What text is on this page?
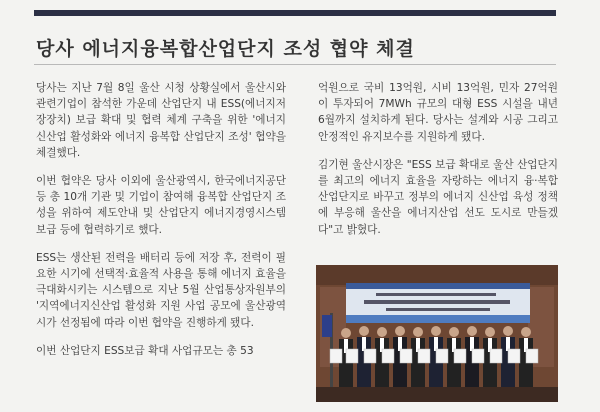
당사 에너지융복합산업단지 조성 협약 체결

당사는 지난 7월 8일 울산 시청 상황실에서 울산시와 관련기업이 참석한 가운데 산업단지 내 ESS(에너지저장장치) 보급 확대 및 협력 체계 구축을 위한 '에너지 신산업 활성화와 에너지 융복합 산업단지 조성' 협약을 체결했다.

이번 협약은 당사 이외에 울산광역시, 한국에너지공단 등 총 10개 기관 및 기업이 참여해 융복합 산업단지 조성을 위하여 제도안내 및 산업단지 에너지경영시스템 보급 등에 협력하기로 했다.

ESS는 생산된 전력을 배터리 등에 저장 후, 전력이 필요한 시기에 선택적·효율적 사용을 통해 에너지 효율을 극대화시키는 시스템으로 지난 5월 산업통상자원부의 '지역에너지신산업 활성화 지원 사업 공모에 울산광역시가 선정됨에 따라 이번 협약을 진행하게 됐다.

이번 산업단지 ESS보급 확대 사업규모는 총 53

억원으로 국비 13억원, 시비 13억원, 민자 27억원이 투자되어 7MWh 규모의 대형 ESS 시설을 내년 6월까지 설치하게 된다. 당사는 설계와 시공 그리고 안정적인 유지보수를 지원하게 됐다.

김기현 울산시장은 "ESS 보급 확대로 울산 산업단지를 최고의 에너지 효율을 자랑하는 에너지 융·복합 산업단지로 바꾸고 정부의 에너지 신산업 육성 정책에 부응해 울산을 에너지산업 선도 도시로 만들겠다"고 밝혔다.
